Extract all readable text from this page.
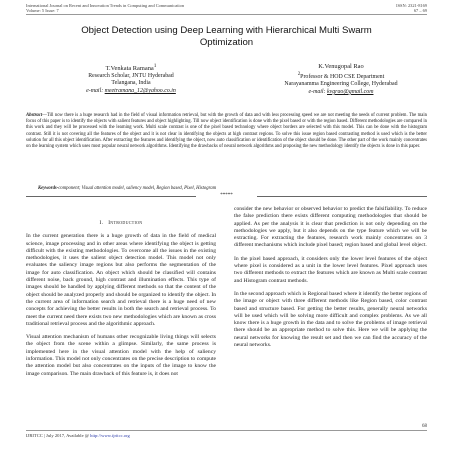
International Journal on Recent and Innovation Trends in Computing and Communication
Volume: 5 Issue: 7
ISSN: 2321-8169
67 – 69
Object Detection using Deep Learning with Hierarchical Multi Swarm
Optimization
T.Venkata Ramana$^1$
Research Scholar, JNTU Hyderabad
Telangana, India
e-mail: meetramana_12@yahoo.co.in
K.Venugopal Rao
$^2$Professor & HOD CSE Department
Narayanamma Engineering College, Hyderabad
e-mail: kvgrao@gmail.com
Abstract—Till now there is a huge research had in the field of visual information retrieval, but with the growth of data and with less processing speed we are not meeting the needs of current problem. The main focus of this paper is to identify the objects with salient features and object highlighting. Till now object identification is done with the pixel based or with the region based. Different methodologies are compared in this work and they will be processed with the learning work. Multi scale contrast is one of the pixel based technology where object borders are selected with this model. This can be done with the histogram contrast. Still it is not covering all the features of the object and it is not clear in identifying the objects at high contrast regions. To solve this issue region based contrasting method is used which is the better solution for all this object identification. After extracting the features and identifying the object, now auto classification or identification of the object should be done. The other part of the work mainly concentrates on the learning system which uses most popular neural network algorithms. Identifying the drawbacks of neural network algorithms and proposing the new methodology identify the objects is done in this paper.
Keywords-component; Visual attention model, saliency model, Region based, Pixel, Histogram
*****
I. Introduction

In the current generation there is a huge growth of data in the field of medical science, image processing and in other areas where identifying the object is getting difficult with the existing methodologies. To overcome all the issues in the existing methodologies, it uses the salient object detection model. This model not only evaluates the saliency image regions but also performs the segmentation of the image for auto classification. An object which should be classified will contains different noise, back ground, high contrast and illumination effects. This type of images should be handled by applying different methods so that the content of the object should be analyzed properly and should be organized to identify the object. In the current area of information search and retrieval there is a huge need of new concepts for achieving the better results in both the search and retrieval process. To meet the current need there exists two new methodologies which are known as cross traditional retrieval process and the algorithmic approach.

Visual attention mechanism of humans other recognizable living things will selects the object from the scene within a glimpse. Similarly, the same process is implemented here in the visual attention model with the help of saliency information. This model not only concentrates on the precise description to compute the attention model but also concentrates on the inputs of the image to know the image comparison. The main drawback of this feature is, it does not

consider the new behavior or observed behavior to predict the falsifiability. To reduce the false prediction there exists different computing methodologies that should be applied. As per the analysis it is clear that prediction is not only depending on the methodologies we apply, but it also depends on the type feature which we will be extracting. For extracting the features, research work mainly concentrates on 3 different mechanisms which include pixel based; region based and global level object.

In the pixel based approach, it considers only the lower level features of the object where pixel is considered as a unit in the lower level features. Pixel approach uses two different methods to extract the features which are known as Multi scale contrast and Histogram contrast methods.

In the second approach which is Regional based where it identify the better regions of the image or object with three different methods like Region based, color contrast based and structure based. For getting the better results, generally neural networks will be used which will be solving more difficult and complex problems. As we all know there is a huge growth in the data and to solve the problems of image retrieval there should be an appropriate method to solve this. Here we will be applying the neural networks for knowing the result set and then we can find the accuracy of the neural networks.

68
IJRITCC | July 2017, Available @ http://www.ijritcc.org
